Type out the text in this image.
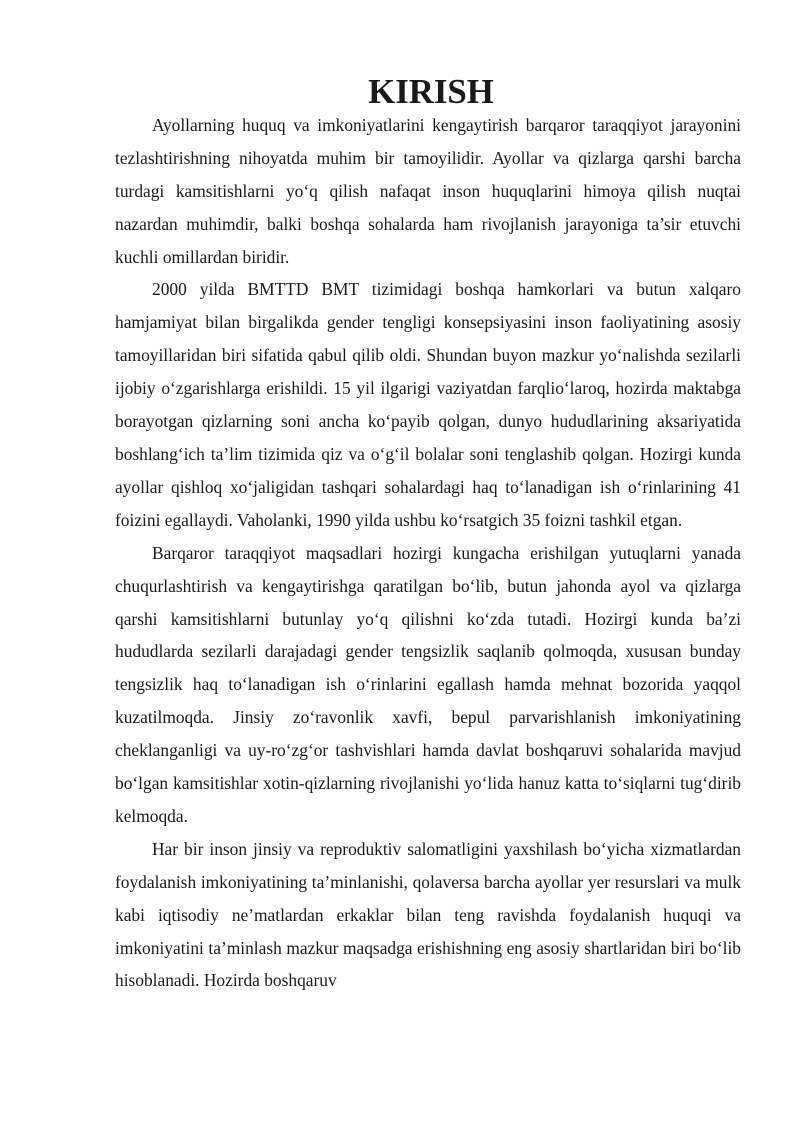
KIRISH

Ayollarning huquq va imkoniyatlarini kengaytirish barqaror taraqqiyot jarayonini tezlashtirishning nihoyatda muhim bir tamoyilidir. Ayollar va qizlarga qarshi barcha turdagi kamsitishlarni yo‘q qilish nafaqat inson huquqlarini himoya qilish nuqtai nazardan muhimdir, balki boshqa sohalarda ham rivojlanish jarayoniga ta’sir etuvchi kuchli omillardan biridir.

2000 yilda BMTTD BMT tizimidagi boshqa hamkorlari va butun xalqaro hamjamiyat bilan birgalikda gender tengligi konsepsiyasini inson faoliyatining asosiy tamoyillaridan biri sifatida qabul qilib oldi. Shundan buyon mazkur yo‘nalishda sezilarli ijobiy o‘zgarishlarga erishildi. 15 yil ilgarigi vaziyatdan farqlio‘laroq, hozirda maktabga borayotgan qizlarning soni ancha ko‘payib qolgan, dunyo hududlarining aksariyatida boshlang‘ich ta’lim tizimida qiz va o‘g‘il bolalar soni tenglashib qolgan. Hozirgi kunda ayollar qishloq xo‘jaligidan tashqari sohalardagi haq to‘lanadigan ish o‘rinlarining 41 foizini egallaydi. Vaholanki, 1990 yilda ushbu ko‘rsatgich 35 foizni tashkil etgan.

Barqaror taraqqiyot maqsadlari hozirgi kungacha erishilgan yutuqlarni yanada chuqurlashtirish va kengaytirishga qaratilgan bo‘lib, butun jahonda ayol va qizlarga qarshi kamsitishlarni butunlay yo‘q qilishni ko‘zda tutadi. Hozirgi kunda ba’zi hududlarda sezilarli darajadagi gender tengsizlik saqlanib qolmoqda, xususan bunday tengsizlik haq to‘lanadigan ish o‘rinlarini egallash hamda mehnat bozorida yaqqol kuzatilmoqda. Jinsiy zo‘ravonlik xavfi, bepul parvarishlanish imkoniyatining cheklanganligi va uy-ro‘zg‘or tashvishlari hamda davlat boshqaruvi sohalarida mavjud bo‘lgan kamsitishlar xotin-qizlarning rivojlanishi yo‘lida hanuz katta to‘siqlarni tug‘dirib kelmoqda.

Har bir inson jinsiy va reproduktiv salomatligini yaxshilash bo‘yicha xizmatlardan foydalanish imkoniyatining ta’minlanishi, qolaversa barcha ayollar yer resurslari va mulk kabi iqtisodiy ne’matlardan erkaklar bilan teng ravishda foydalanish huquqi va imkoniyatini ta’minlash mazkur maqsadga erishishning eng asosiy shartlaridan biri bo‘lib hisoblanadi. Hozirda boshqaruv
